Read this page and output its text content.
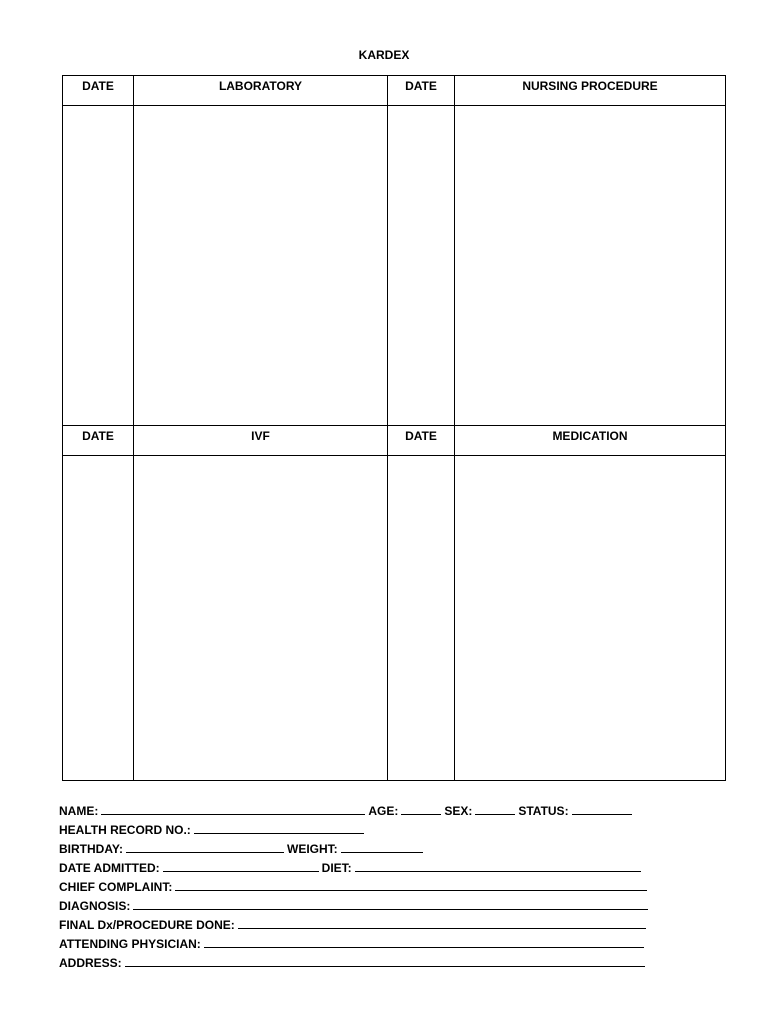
KARDEX
DATE	LABORATORY	DATE	NURSING PROCEDURE

DATE	IVF	DATE	MEDICATION

NAME:	AGE:	SEX:	STATUS:
HEALTH RECORD NO.:
BIRTHDAY:	WEIGHT:
DATE ADMITTED:	DIET:
CHIEF COMPLAINT:
DIAGNOSIS:
FINAL Dx/PROCEDURE DONE:
ATTENDING PHYSICIAN:
ADDRESS:
